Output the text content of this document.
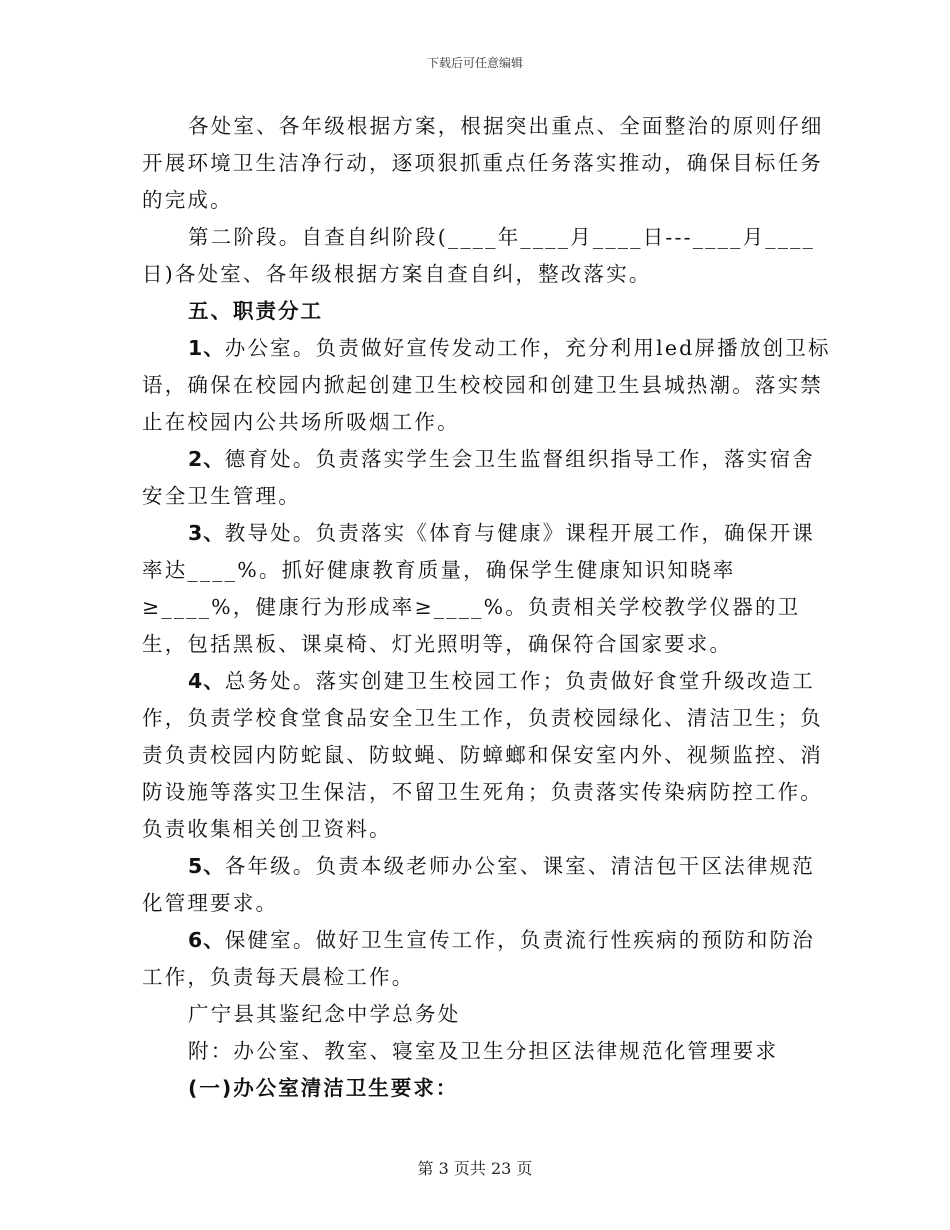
下载后可任意编辑

各处室、各年级根据方案，根据突出重点、全面整治的原则仔细开展环境卫生洁净行动，逐项狠抓重点任务落实推动，确保目标任务的完成。

第二阶段。自查自纠阶段(____年____月____日---____月____日)各处室、各年级根据方案自查自纠，整改落实。

五、职责分工

1、办公室。负责做好宣传发动工作，充分利用led屏播放创卫标语，确保在校园内掀起创建卫生校校园和创建卫生县城热潮。落实禁止在校园内公共场所吸烟工作。

2、德育处。负责落实学生会卫生监督组织指导工作，落实宿舍安全卫生管理。

3、教导处。负责落实《体育与健康》课程开展工作，确保开课率达____%。抓好健康教育质量，确保学生健康知识知晓率≥____%，健康行为形成率≥____%。负责相关学校教学仪器的卫生，包括黑板、课桌椅、灯光照明等，确保符合国家要求。

4、总务处。落实创建卫生校园工作；负责做好食堂升级改造工作，负责学校食堂食品安全卫生工作，负责校园绿化、清洁卫生；负责负责校园内防蛇鼠、防蚊蝇、防蟑螂和保安室内外、视频监控、消防设施等落实卫生保洁，不留卫生死角；负责落实传染病防控工作。负责收集相关创卫资料。

5、各年级。负责本级老师办公室、课室、清洁包干区法律规范化管理要求。

6、保健室。做好卫生宣传工作，负责流行性疾病的预防和防治工作，负责每天晨检工作。

广宁县其鉴纪念中学总务处

附：办公室、教室、寝室及卫生分担区法律规范化管理要求

(一)办公室清洁卫生要求：

第 3 页共 23 页
